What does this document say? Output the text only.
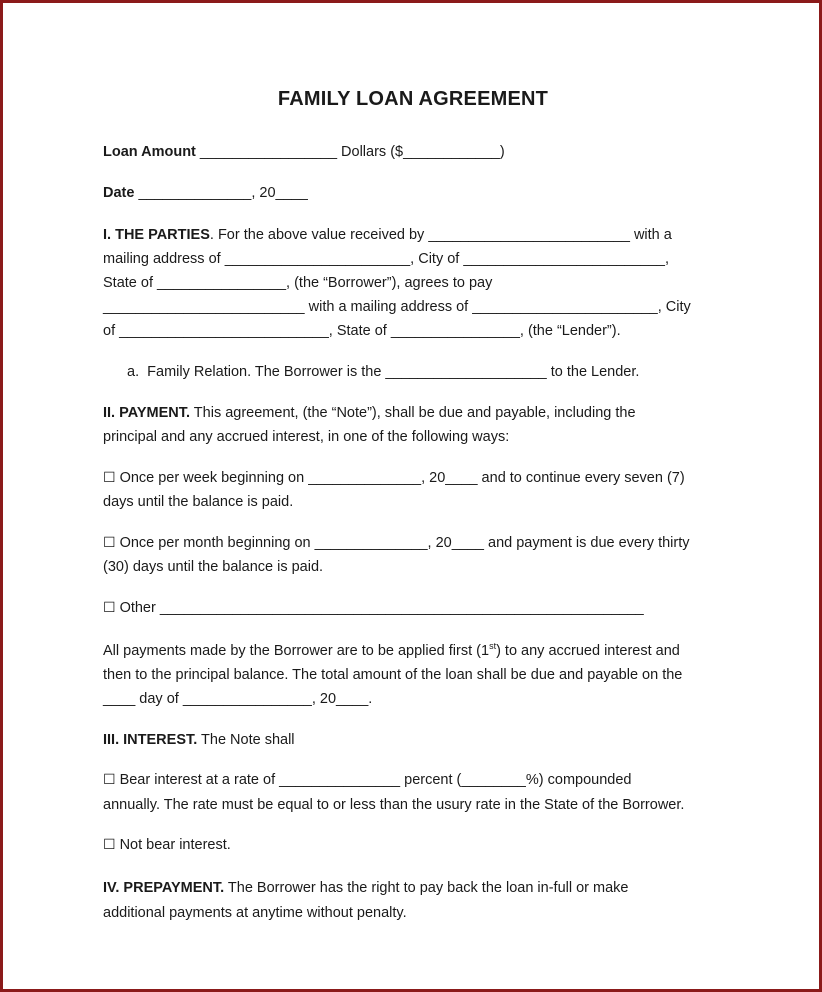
FAMILY LOAN AGREEMENT
Loan Amount _________________ Dollars ($____________)
Date ______________, 20____
I. THE PARTIES. For the above value received by _________________________ with a
mailing address of _______________________, City of _________________________,
State of ________________, (the “Borrower”), agrees to pay
_________________________ with a mailing address of _______________________, City
of __________________________, State of ________________, (the “Lender”).
a.  Family Relation. The Borrower is the ____________________ to the Lender.
II. PAYMENT. This agreement, (the “Note”), shall be due and payable, including the
principal and any accrued interest, in one of the following ways:
☐ Once per week beginning on ______________, 20____ and to continue every seven (7)
days until the balance is paid.
☐ Once per month beginning on ______________, 20____ and payment is due every thirty
(30) days until the balance is paid.
☐ Other ____________________________________________________________
All payments made by the Borrower are to be applied first (1st) to any accrued interest and
then to the principal balance. The total amount of the loan shall be due and payable on the
____ day of ________________, 20____.
III. INTEREST. The Note shall
☐ Bear interest at a rate of _______________ percent (________%) compounded
annually. The rate must be equal to or less than the usury rate in the State of the Borrower.
☐ Not bear interest.
IV. PREPAYMENT. The Borrower has the right to pay back the loan in-full or make
additional payments at anytime without penalty.
